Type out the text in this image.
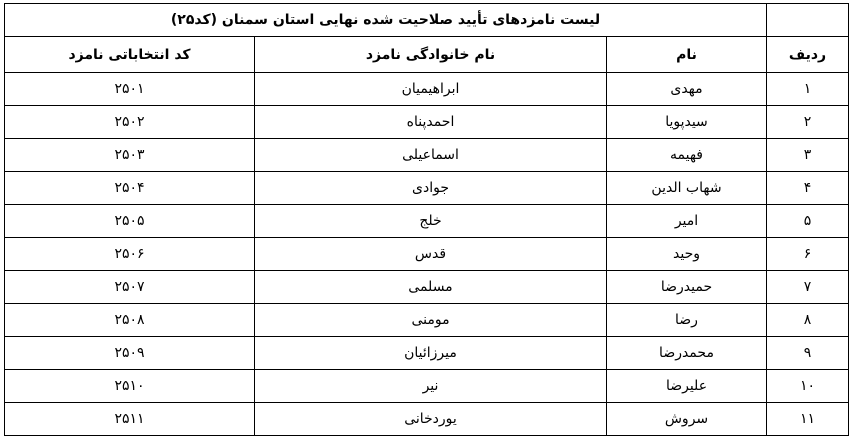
	لیست نامزدهای تأیید صلاحیت شده نهایی استان سمنان (کد۲۵)		
ردیف	نام	نام خانوادگی نامزد	کد انتخاباتی نامزد
۱	مهدی	ابراهیمیان	۲۵۰۱
۲	سیدپویا	احمدپناه	۲۵۰۲
۳	فهیمه	اسماعیلی	۲۵۰۳
۴	شهاب الدین	جوادی	۲۵۰۴
۵	امیر	خلج	۲۵۰۵
۶	وحید	قدس	۲۵۰۶
۷	حمیدرضا	مسلمی	۲۵۰۷
۸	رضا	مومنی	۲۵۰۸
۹	محمدرضا	میرزائیان	۲۵۰۹
۱۰	علیرضا	نیر	۲۵۱۰
۱۱	سروش	یوردخانی	۲۵۱۱
